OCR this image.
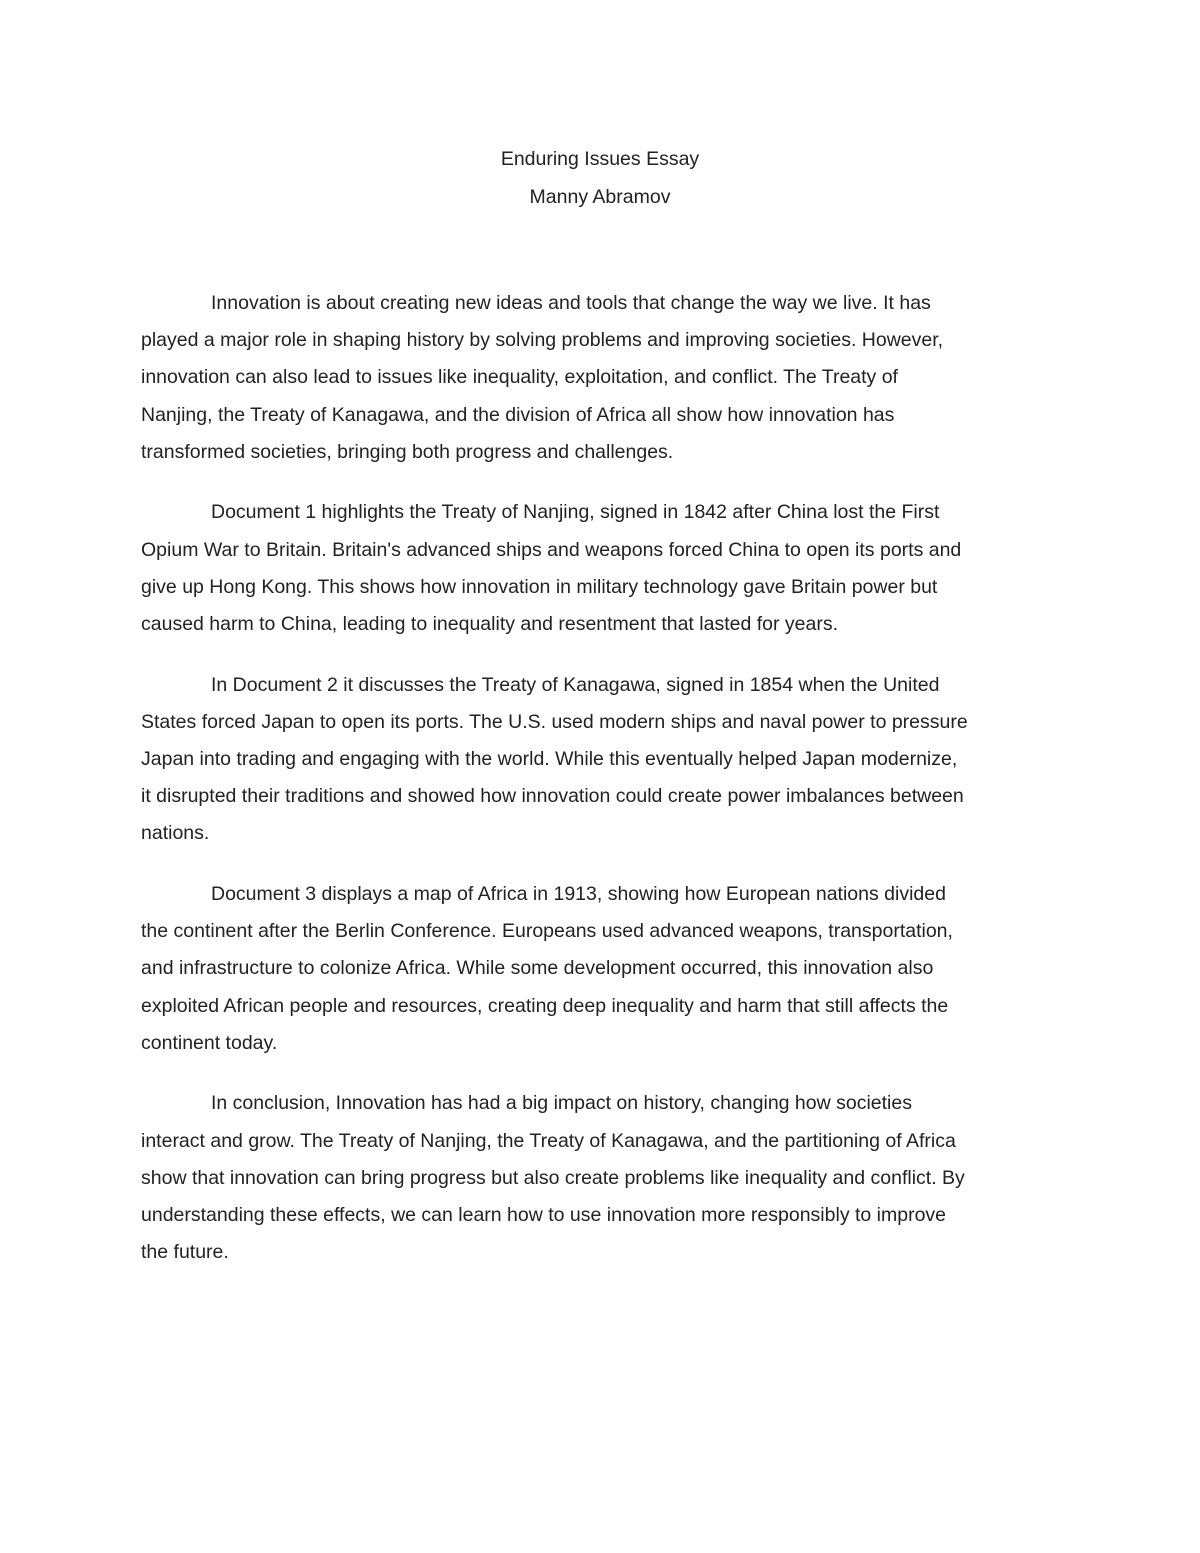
Enduring Issues Essay
Manny Abramov

Innovation is about creating new ideas and tools that change the way we live. It has
played a major role in shaping history by solving problems and improving societies. However,
innovation can also lead to issues like inequality, exploitation, and conflict. The Treaty of
Nanjing, the Treaty of Kanagawa, and the division of Africa all show how innovation has
transformed societies, bringing both progress and challenges.

Document 1 highlights the Treaty of Nanjing, signed in 1842 after China lost the First
Opium War to Britain. Britain's advanced ships and weapons forced China to open its ports and
give up Hong Kong. This shows how innovation in military technology gave Britain power but
caused harm to China, leading to inequality and resentment that lasted for years.

In Document 2 it discusses the Treaty of Kanagawa, signed in 1854 when the United
States forced Japan to open its ports. The U.S. used modern ships and naval power to pressure
Japan into trading and engaging with the world. While this eventually helped Japan modernize,
it disrupted their traditions and showed how innovation could create power imbalances between
nations.

Document 3 displays a map of Africa in 1913, showing how European nations divided
the continent after the Berlin Conference. Europeans used advanced weapons, transportation,
and infrastructure to colonize Africa. While some development occurred, this innovation also
exploited African people and resources, creating deep inequality and harm that still affects the
continent today.

In conclusion, Innovation has had a big impact on history, changing how societies
interact and grow. The Treaty of Nanjing, the Treaty of Kanagawa, and the partitioning of Africa
show that innovation can bring progress but also create problems like inequality and conflict. By
understanding these effects, we can learn how to use innovation more responsibly to improve
the future.
